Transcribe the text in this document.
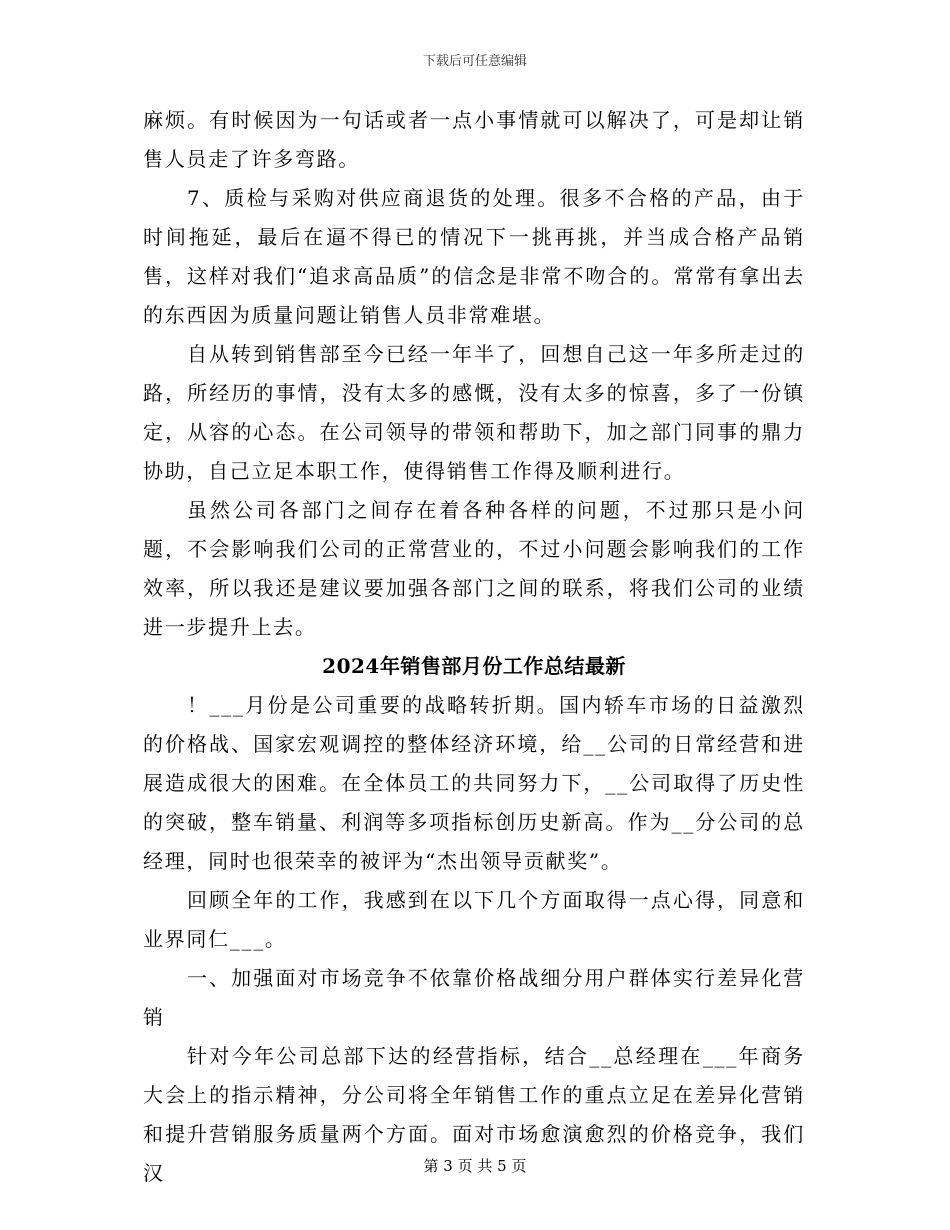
下载后可任意编辑

麻烦。有时候因为一句话或者一点小事情就可以解决了，可是却让销售人员走了许多弯路。

7、质检与采购对供应商退货的处理。很多不合格的产品，由于时间拖延，最后在逼不得已的情况下一挑再挑，并当成合格产品销售，这样对我们“追求高品质”的信念是非常不吻合的。常常有拿出去的东西因为质量问题让销售人员非常难堪。

自从转到销售部至今已经一年半了，回想自己这一年多所走过的路，所经历的事情，没有太多的感慨，没有太多的惊喜，多了一份镇定，从容的心态。在公司领导的带领和帮助下，加之部门同事的鼎力协助，自己立足本职工作，使得销售工作得及顺利进行。

虽然公司各部门之间存在着各种各样的问题，不过那只是小问题，不会影响我们公司的正常营业的，不过小问题会影响我们的工作效率，所以我还是建议要加强各部门之间的联系，将我们公司的业绩进一步提升上去。

2024年销售部月份工作总结最新

！___月份是公司重要的战略转折期。国内轿车市场的日益激烈的价格战、国家宏观调控的整体经济环境，给__公司的日常经营和进展造成很大的困难。在全体员工的共同努力下，__公司取得了历史性的突破，整车销量、利润等多项指标创历史新高。作为__分公司的总经理，同时也很荣幸的被评为“杰出领导贡献奖”。

回顾全年的工作，我感到在以下几个方面取得一点心得，同意和业界同仁___。

一、加强面对市场竞争不依靠价格战细分用户群体实行差异化营销

针对今年公司总部下达的经营指标，结合__总经理在___年商务大会上的指示精神，分公司将全年销售工作的重点立足在差异化营销和提升营销服务质量两个方面。面对市场愈演愈烈的价格竞争，我们汉	第 3 页 共 5 页
